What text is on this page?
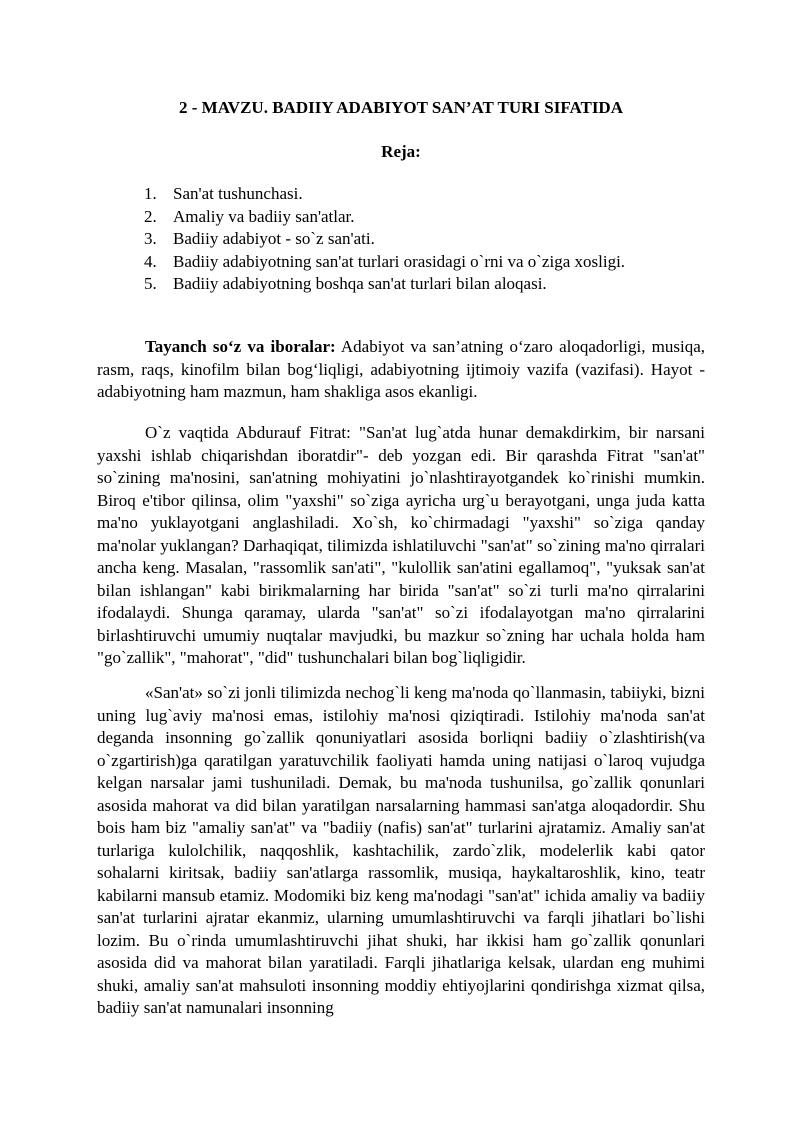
2 - MAVZU. BADIIY ADABIYOT SAN’AT TURI SIFATIDA
Reja:
1. San'at tushunchasi.
2. Amaliy va badiiy san'atlar.
3. Badiiy adabiyot - so`z san'ati.
4. Badiiy adabiyotning san'at turlari orasidagi o`rni va o`ziga xosligi.
5. Badiiy adabiyotning boshqa san'at turlari bilan aloqasi.

Tayanch so‘z va iboralar: Adabiyot va san’atning o‘zaro aloqadorligi, musiqa, rasm, raqs, kinofilm bilan bog‘liqligi, adabiyotning ijtimoiy vazifa (vazifasi). Hayot - adabiyotning ham mazmun, ham shakliga asos ekanligi.

O`z vaqtida Abdurauf Fitrat: "San'at lug`atda hunar demakdirkim, bir narsani yaxshi ishlab chiqarishdan iboratdir"- deb yozgan edi. Bir qarashda Fitrat "san'at" so`zining ma'nosini, san'atning mohiyatini jo`nlashtirayotgandek ko`rinishi mumkin. Biroq e'tibor qilinsa, olim "yaxshi" so`ziga ayricha urg`u berayotgani, unga juda katta ma'no yuklayotgani anglashiladi. Xo`sh, ko`chirmadagi "yaxshi" so`ziga qanday ma'nolar yuklangan? Darhaqiqat, tilimizda ishlatiluvchi "san'at" so`zining ma'no qirralari ancha keng. Masalan, "rassomlik san'ati", "kulollik san'atini egallamoq", "yuksak san'at bilan ishlangan" kabi birikmalarning har birida "san'at" so`zi turli ma'no qirralarini ifodalaydi. Shunga qaramay, ularda "san'at" so`zi ifodalayotgan ma'no qirralarini birlashtiruvchi umumiy nuqtalar mavjudki, bu mazkur so`zning har uchala holda ham "go`zallik", "mahorat", "did" tushunchalari bilan bog`liqligidir.

«San'at» so`zi jonli tilimizda nechog`li keng ma'noda qo`llanmasin, tabiiyki, bizni uning lug`aviy ma'nosi emas, istilohiy ma'nosi qiziqtiradi. Istilohiy ma'noda san'at deganda insonning go`zallik qonuniyatlari asosida borliqni badiiy o`zlashtirish(va o`zgartirish)ga qaratilgan yaratuvchilik faoliyati hamda uning natijasi o`laroq vujudga kelgan narsalar jami tushuniladi. Demak, bu ma'noda tushunilsa, go`zallik qonunlari asosida mahorat va did bilan yaratilgan narsalarning hammasi san'atga aloqadordir. Shu bois ham biz "amaliy san'at" va "badiiy (nafis) san'at" turlarini ajratamiz. Amaliy san'at turlariga kulolchilik, naqqoshlik, kashtachilik, zardo`zlik, modelerlik kabi qator sohalarni kiritsak, badiiy san'atlarga rassomlik, musiqa, haykaltaroshlik, kino, teatr kabilarni mansub etamiz. Modomiki biz keng ma'nodagi "san'at" ichida amaliy va badiiy san'at turlarini ajratar ekanmiz, ularning umumlashtiruvchi va farqli jihatlari bo`lishi lozim. Bu o`rinda umumlashtiruvchi jihat shuki, har ikkisi ham go`zallik qonunlari asosida did va mahorat bilan yaratiladi. Farqli jihatlariga kelsak, ulardan eng muhimi shuki, amaliy san'at mahsuloti insonning moddiy ehtiyojlarini qondirishga xizmat qilsa, badiiy san'at namunalari insonning
